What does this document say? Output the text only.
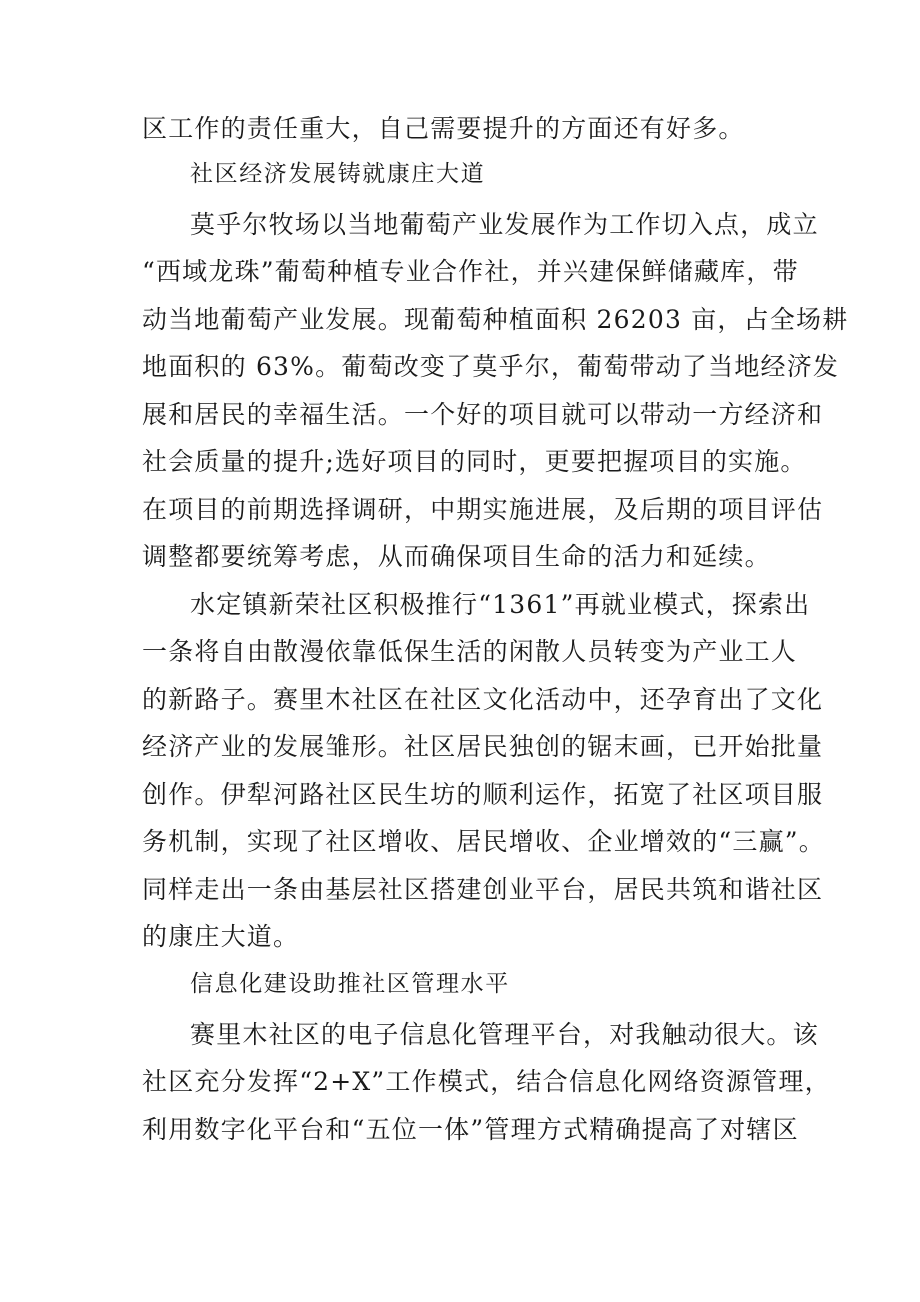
区工作的责任重大，自己需要提升的方面还有好多。

社区经济发展铸就康庄大道

莫乎尔牧场以当地葡萄产业发展作为工作切入点，成立

“西域龙珠”葡萄种植专业合作社，并兴建保鲜储藏库，带

动当地葡萄产业发展。现葡萄种植面积 26203 亩，占全场耕

地面积的 63%。葡萄改变了莫乎尔，葡萄带动了当地经济发

展和居民的幸福生活。一个好的项目就可以带动一方经济和

社会质量的提升;选好项目的同时，更要把握项目的实施。

在项目的前期选择调研，中期实施进展，及后期的项目评估

调整都要统筹考虑，从而确保项目生命的活力和延续。

水定镇新荣社区积极推行“1361”再就业模式，探索出

一条将自由散漫依靠低保生活的闲散人员转变为产业工人

的新路子。赛里木社区在社区文化活动中，还孕育出了文化

经济产业的发展雏形。社区居民独创的锯末画，已开始批量

创作。伊犁河路社区民生坊的顺利运作，拓宽了社区项目服

务机制，实现了社区增收、居民增收、企业增效的“三赢”。

同样走出一条由基层社区搭建创业平台，居民共筑和谐社区

的康庄大道。

信息化建设助推社区管理水平

赛里木社区的电子信息化管理平台，对我触动很大。该

社区充分发挥“2+X”工作模式，结合信息化网络资源管理，

利用数字化平台和“五位一体”管理方式精确提高了对辖区
